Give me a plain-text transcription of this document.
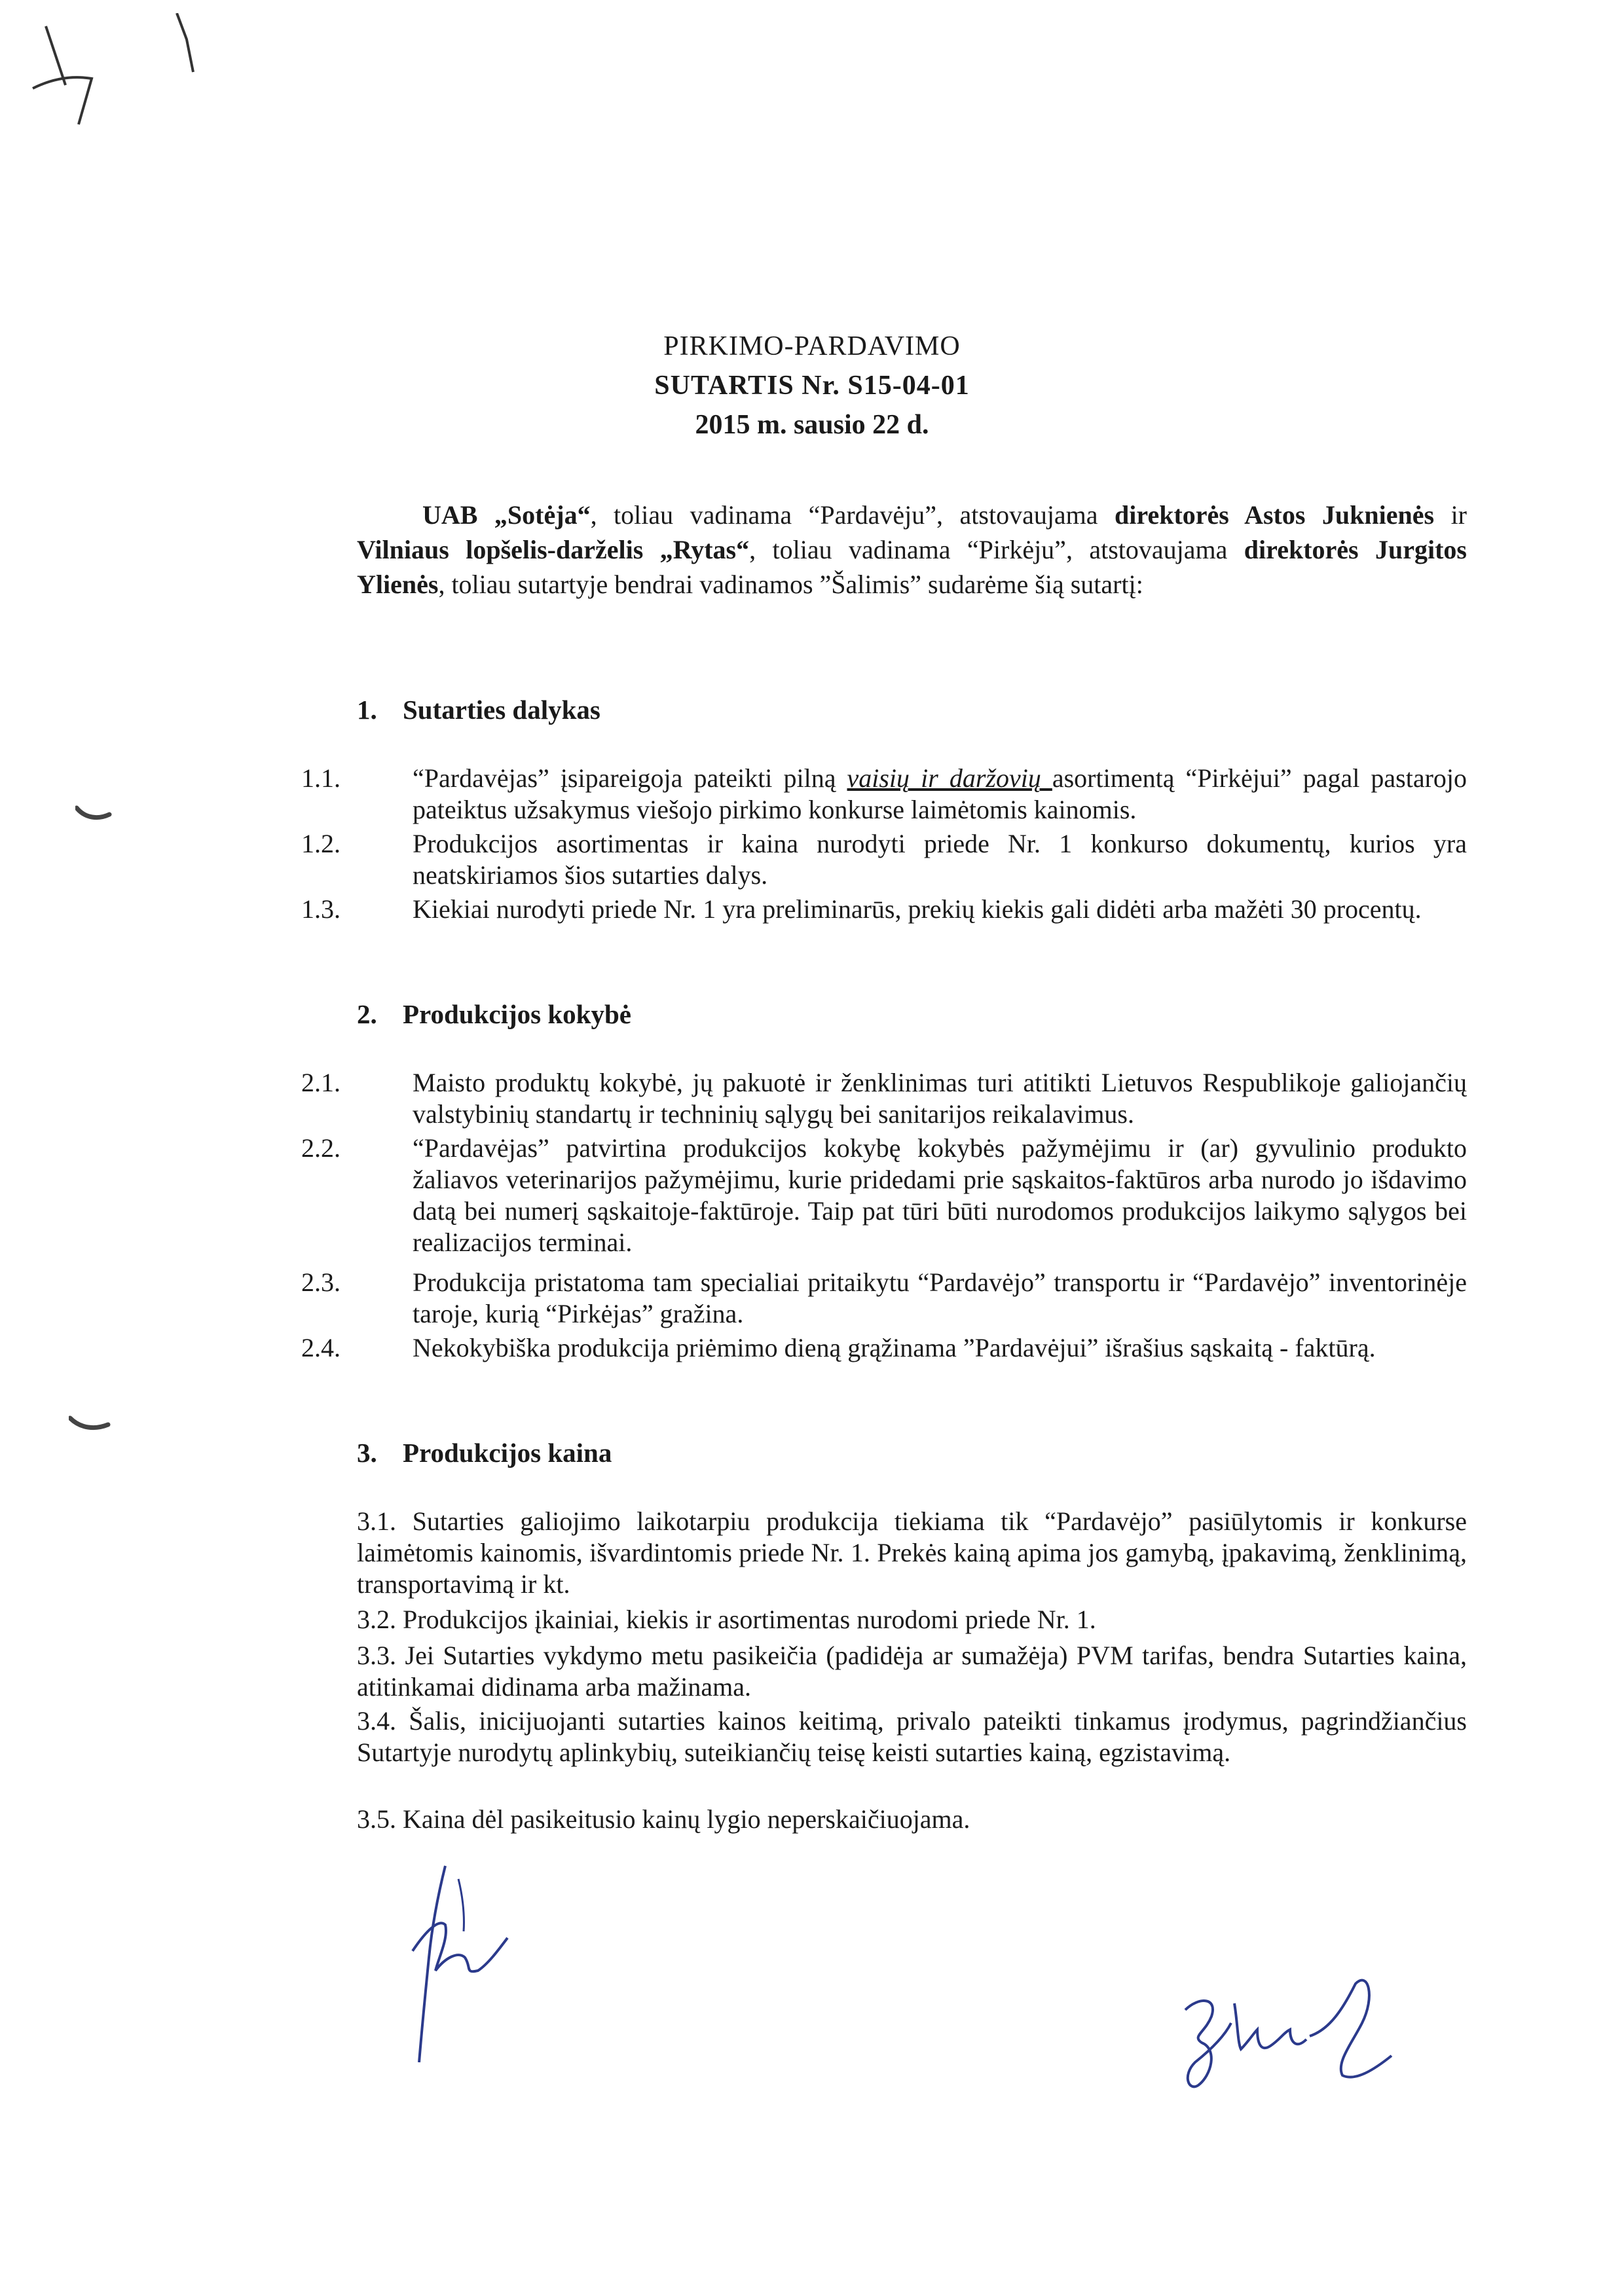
PIRKIMO-PARDAVIMO
SUTARTIS Nr. S15-04-01
2015 m. sausio 22 d.
UAB „Sotėja“, toliau vadinama “Pardavėju”, atstovaujama direktorės Astos Juknienės ir Vilniaus lopšelis-darželis „Rytas“, toliau vadinama “Pirkėju”, atstovaujama direktorės Jurgitos Ylienės, toliau sutartyje bendrai vadinamos ”Šalimis” sudarėme šią sutartį:
1. Sutarties dalykas
1.1.	“Pardavėjas” įsipareigoja pateikti pilną vaisių ir daržovių asortimentą “Pirkėjui” pagal pastarojo pateiktus užsakymus viešojo pirkimo konkurse laimėtomis kainomis.
1.2.	Produkcijos asortimentas ir kaina nurodyti priede Nr. 1 konkurso dokumentų, kurios yra neatskiriamos šios sutarties dalys.
1.3.	Kiekiai nurodyti priede Nr. 1 yra preliminarūs, prekių kiekis gali didėti arba mažėti 30 procentų.
2. Produkcijos kokybė
2.1.	Maisto produktų kokybė, jų pakuotė ir ženklinimas turi atitikti Lietuvos Respublikoje galiojančių valstybinių standartų ir techninių sąlygų bei sanitarijos reikalavimus.
2.2.	“Pardavėjas” patvirtina produkcijos kokybę kokybės pažymėjimu ir (ar) gyvulinio produkto žaliavos veterinarijos pažymėjimu, kurie pridedami prie sąskaitos-faktūros arba nurodo jo išdavimo datą bei numerį sąskaitoje-faktūroje. Taip pat tūri būti nurodomos produkcijos laikymo sąlygos bei realizacijos terminai.
2.3.	Produkcija pristatoma tam specialiai pritaikytu “Pardavėjo” transportu ir “Pardavėjo” inventorinėje taroje, kurią “Pirkėjas” gražina.
2.4.	Nekokybiška produkcija priėmimo dieną grąžinama ”Pardavėjui” išrašius sąskaitą - faktūrą.
3. Produkcijos kaina
3.1. Sutarties galiojimo laikotarpiu produkcija tiekiama tik “Pardavėjo” pasiūlytomis ir konkurse laimėtomis kainomis, išvardintomis priede Nr. 1. Prekės kainą apima jos gamybą, įpakavimą, ženklinimą, transportavimą ir kt.
3.2. Produkcijos įkainiai, kiekis ir asortimentas nurodomi priede Nr. 1.
3.3. Jei Sutarties vykdymo metu pasikeičia (padidėja ar sumažėja) PVM tarifas, bendra Sutarties kaina, atitinkamai didinama arba mažinama.
3.4. Šalis, inicijuojanti sutarties kainos keitimą, privalo pateikti tinkamus įrodymus, pagrindžiančius Sutartyje nurodytų aplinkybių, suteikiančių teisę keisti sutarties kainą, egzistavimą.
3.5. Kaina dėl pasikeitusio kainų lygio neperskaičiuojama.
